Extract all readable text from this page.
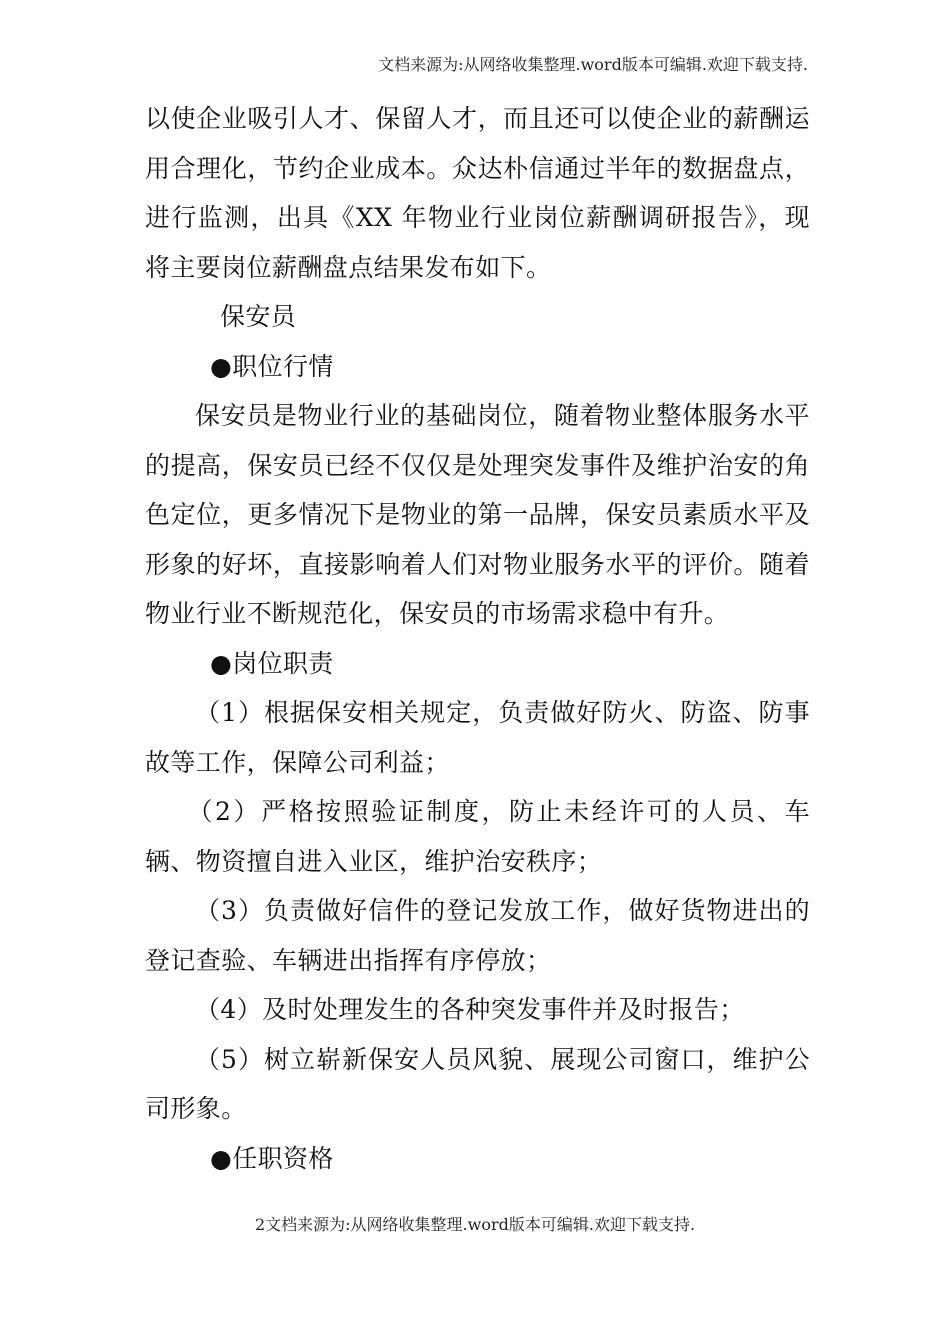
文档来源为:从网络收集整理.word版本可编辑.欢迎下载支持.

以使企业吸引人才、保留人才，而且还可以使企业的薪酬运用合理化，节约企业成本。众达朴信通过半年的数据盘点，进行监测，出具《XX 年物业行业岗位薪酬调研报告》，现将主要岗位薪酬盘点结果发布如下。

保安员

●职位行情

保安员是物业行业的基础岗位，随着物业整体服务水平的提高，保安员已经不仅仅是处理突发事件及维护治安的角色定位，更多情况下是物业的第一品牌，保安员素质水平及形象的好坏，直接影响着人们对物业服务水平的评价。随着物业行业不断规范化，保安员的市场需求稳中有升。

●岗位职责

（1）根据保安相关规定，负责做好防火、防盗、防事故等工作，保障公司利益；

（2）严格按照验证制度，防止未经许可的人员、车辆、物资擅自进入业区，维护治安秩序；

（3）负责做好信件的登记发放工作，做好货物进出的登记查验、车辆进出指挥有序停放；

（4）及时处理发生的各种突发事件并及时报告；

（5）树立崭新保安人员风貌、展现公司窗口，维护公司形象。

●任职资格

2文档来源为:从网络收集整理.word版本可编辑.欢迎下载支持.
